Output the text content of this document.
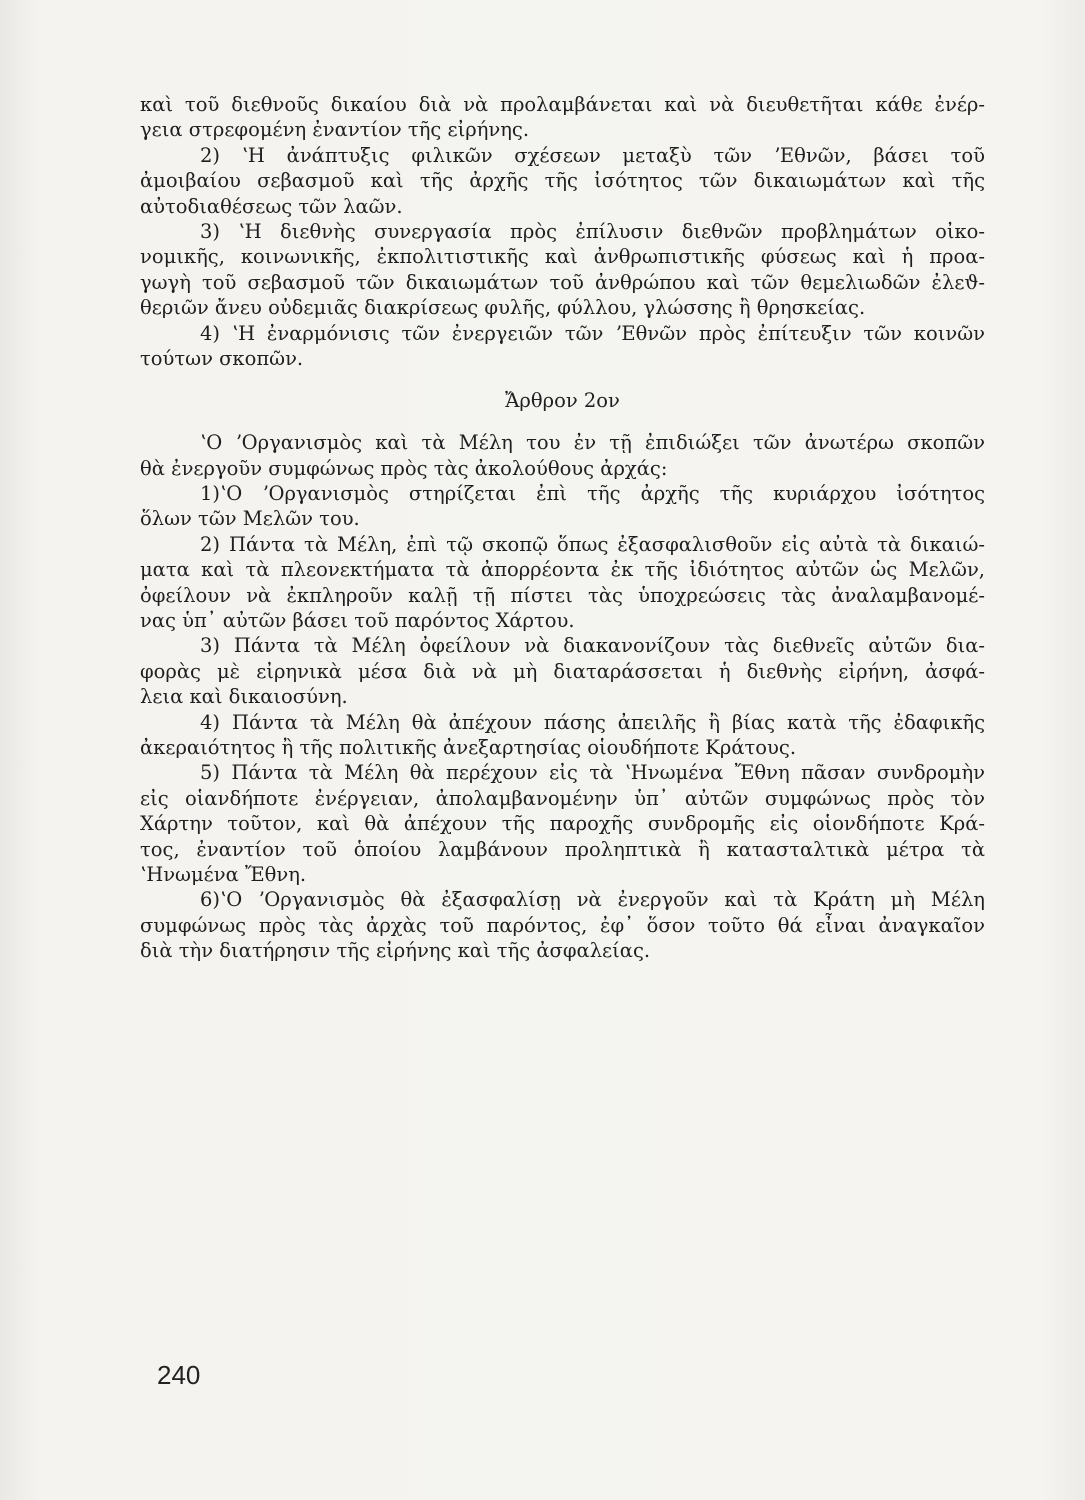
καὶ τοῦ διεθνοῦς δικαίου διὰ νὰ προλαμβάνεται καὶ νὰ διευθετῆται κάθε ἐνέρ-
γεια στρεφομένη ἐναντίον τῆς εἰρήνης.
2) ʽΗ ἀνάπτυξις φιλικῶν σχέσεων μεταξὺ τῶν ʼΕθνῶν, βάσει τοῦ
ἀμοιβαίου σεβασμοῦ καὶ τῆς ἀρχῆς τῆς ἰσότητος τῶν δικαιωμάτων καὶ τῆς
αὐτοδιαθέσεως τῶν λαῶν.
3) ʽΗ διεθνὴς συνεργασία πρὸς ἐπίλυσιν διεθνῶν προβλημάτων οἰκο-
νομικῆς, κοινωνικῆς, ἐκπολιτιστικῆς καὶ ἀνθρωπιστικῆς φύσεως καὶ ἡ προα-
γωγὴ τοῦ σεβασμοῦ τῶν δικαιωμάτων τοῦ ἀνθρώπου καὶ τῶν θεμελιωδῶν ἐλεϑ-
θεριῶν ἄνευ οὐδεμιᾶς διακρίσεως φυλῆς, φύλλου, γλώσσης ἢ θρησκείας.
4) ʽΗ ἐναρμόνισις τῶν ἐνεργειῶν τῶν ʼΕθνῶν πρὸς ἐπίτευξιν τῶν κοινῶν
τούτων σκοπῶν.
Ἄρθρον 2ον
ʽΟ ʼΟργανισμὸς καὶ τὰ Μέλη του ἐν τῇ ἐπιδιώξει τῶν ἀνωτέρω σκοπῶν
θὰ ἐνεργοῦν συμφώνως πρὸς τὰς ἀκολούθους ἀρχάς:
1)ʽΟ ʼΟργανισμὸς στηρίζεται ἐπὶ τῆς ἀρχῆς τῆς κυριάρχου ἰσότητος
ὅλων τῶν Μελῶν του.
2) Πάντα τὰ Μέλη, ἐπὶ τῷ σκοπῷ ὅπως ἐξασφαλισθοῦν εἰς αὐτὰ τὰ δικαιώ-
ματα καὶ τὰ πλεονεκτήματα τὰ ἀπορρέοντα ἐκ τῆς ἰδιότητος αὐτῶν ὡς Μελῶν,
ὀφείλουν νὰ ἐκπληροῦν καλῇ τῇ πίστει τὰς ὑποχρεώσεις τὰς ἀναλαμβανομέ-
νας ὑπ᾽ αὐτῶν βάσει τοῦ παρόντος Χάρτου.
3) Πάντα τὰ Μέλη ὀφείλουν νὰ διακανονίζουν τὰς διεθνεῖς αὐτῶν δια-
φορὰς μὲ εἰρηνικὰ μέσα διὰ νὰ μὴ διαταράσσεται ἡ διεθνὴς εἰρήνη, ἀσφά-
λεια καὶ δικαιοσύνη.
4) Πάντα τὰ Μέλη θὰ ἀπέχουν πάσης ἀπειλῆς ἢ βίας κατὰ τῆς ἐδαφικῆς
ἀκεραιότητος ἢ τῆς πολιτικῆς ἀνεξαρτησίας οἱουδήποτε Κράτους.
5) Πάντα τὰ Μέλη θὰ περέχουν εἰς τὰ ʽΗνωμένα Ἔθνη πᾶσαν συνδρομὴν
εἰς οἱανδήποτε ἐνέργειαν, ἀπολαμβανομένην ὑπ᾽ αὐτῶν συμφώνως πρὸς τὸν
Χάρτην τοῦτον, καὶ θὰ ἀπέχουν τῆς παροχῆς συνδρομῆς εἰς οἱονδήποτε Κρά-
τος, ἐναντίον τοῦ ὁποίου λαμβάνουν προληπτικὰ ἢ κατασταλτικὰ μέτρα τὰ
ʽΗνωμένα Ἔθνη.
6)ʽΟ ʼΟργανισμὸς θὰ ἐξασφαλίσῃ νὰ ἐνεργοῦν καὶ τὰ Κράτη μὴ Μέλη
συμφώνως πρὸς τὰς ἀρχὰς τοῦ παρόντος, ἐφ᾽ ὅσον τοῦτο θά εἶναι ἀναγκαῖον
διὰ τὴν διατήρησιν τῆς εἰρήνης καὶ τῆς ἀσφαλείας.
240
